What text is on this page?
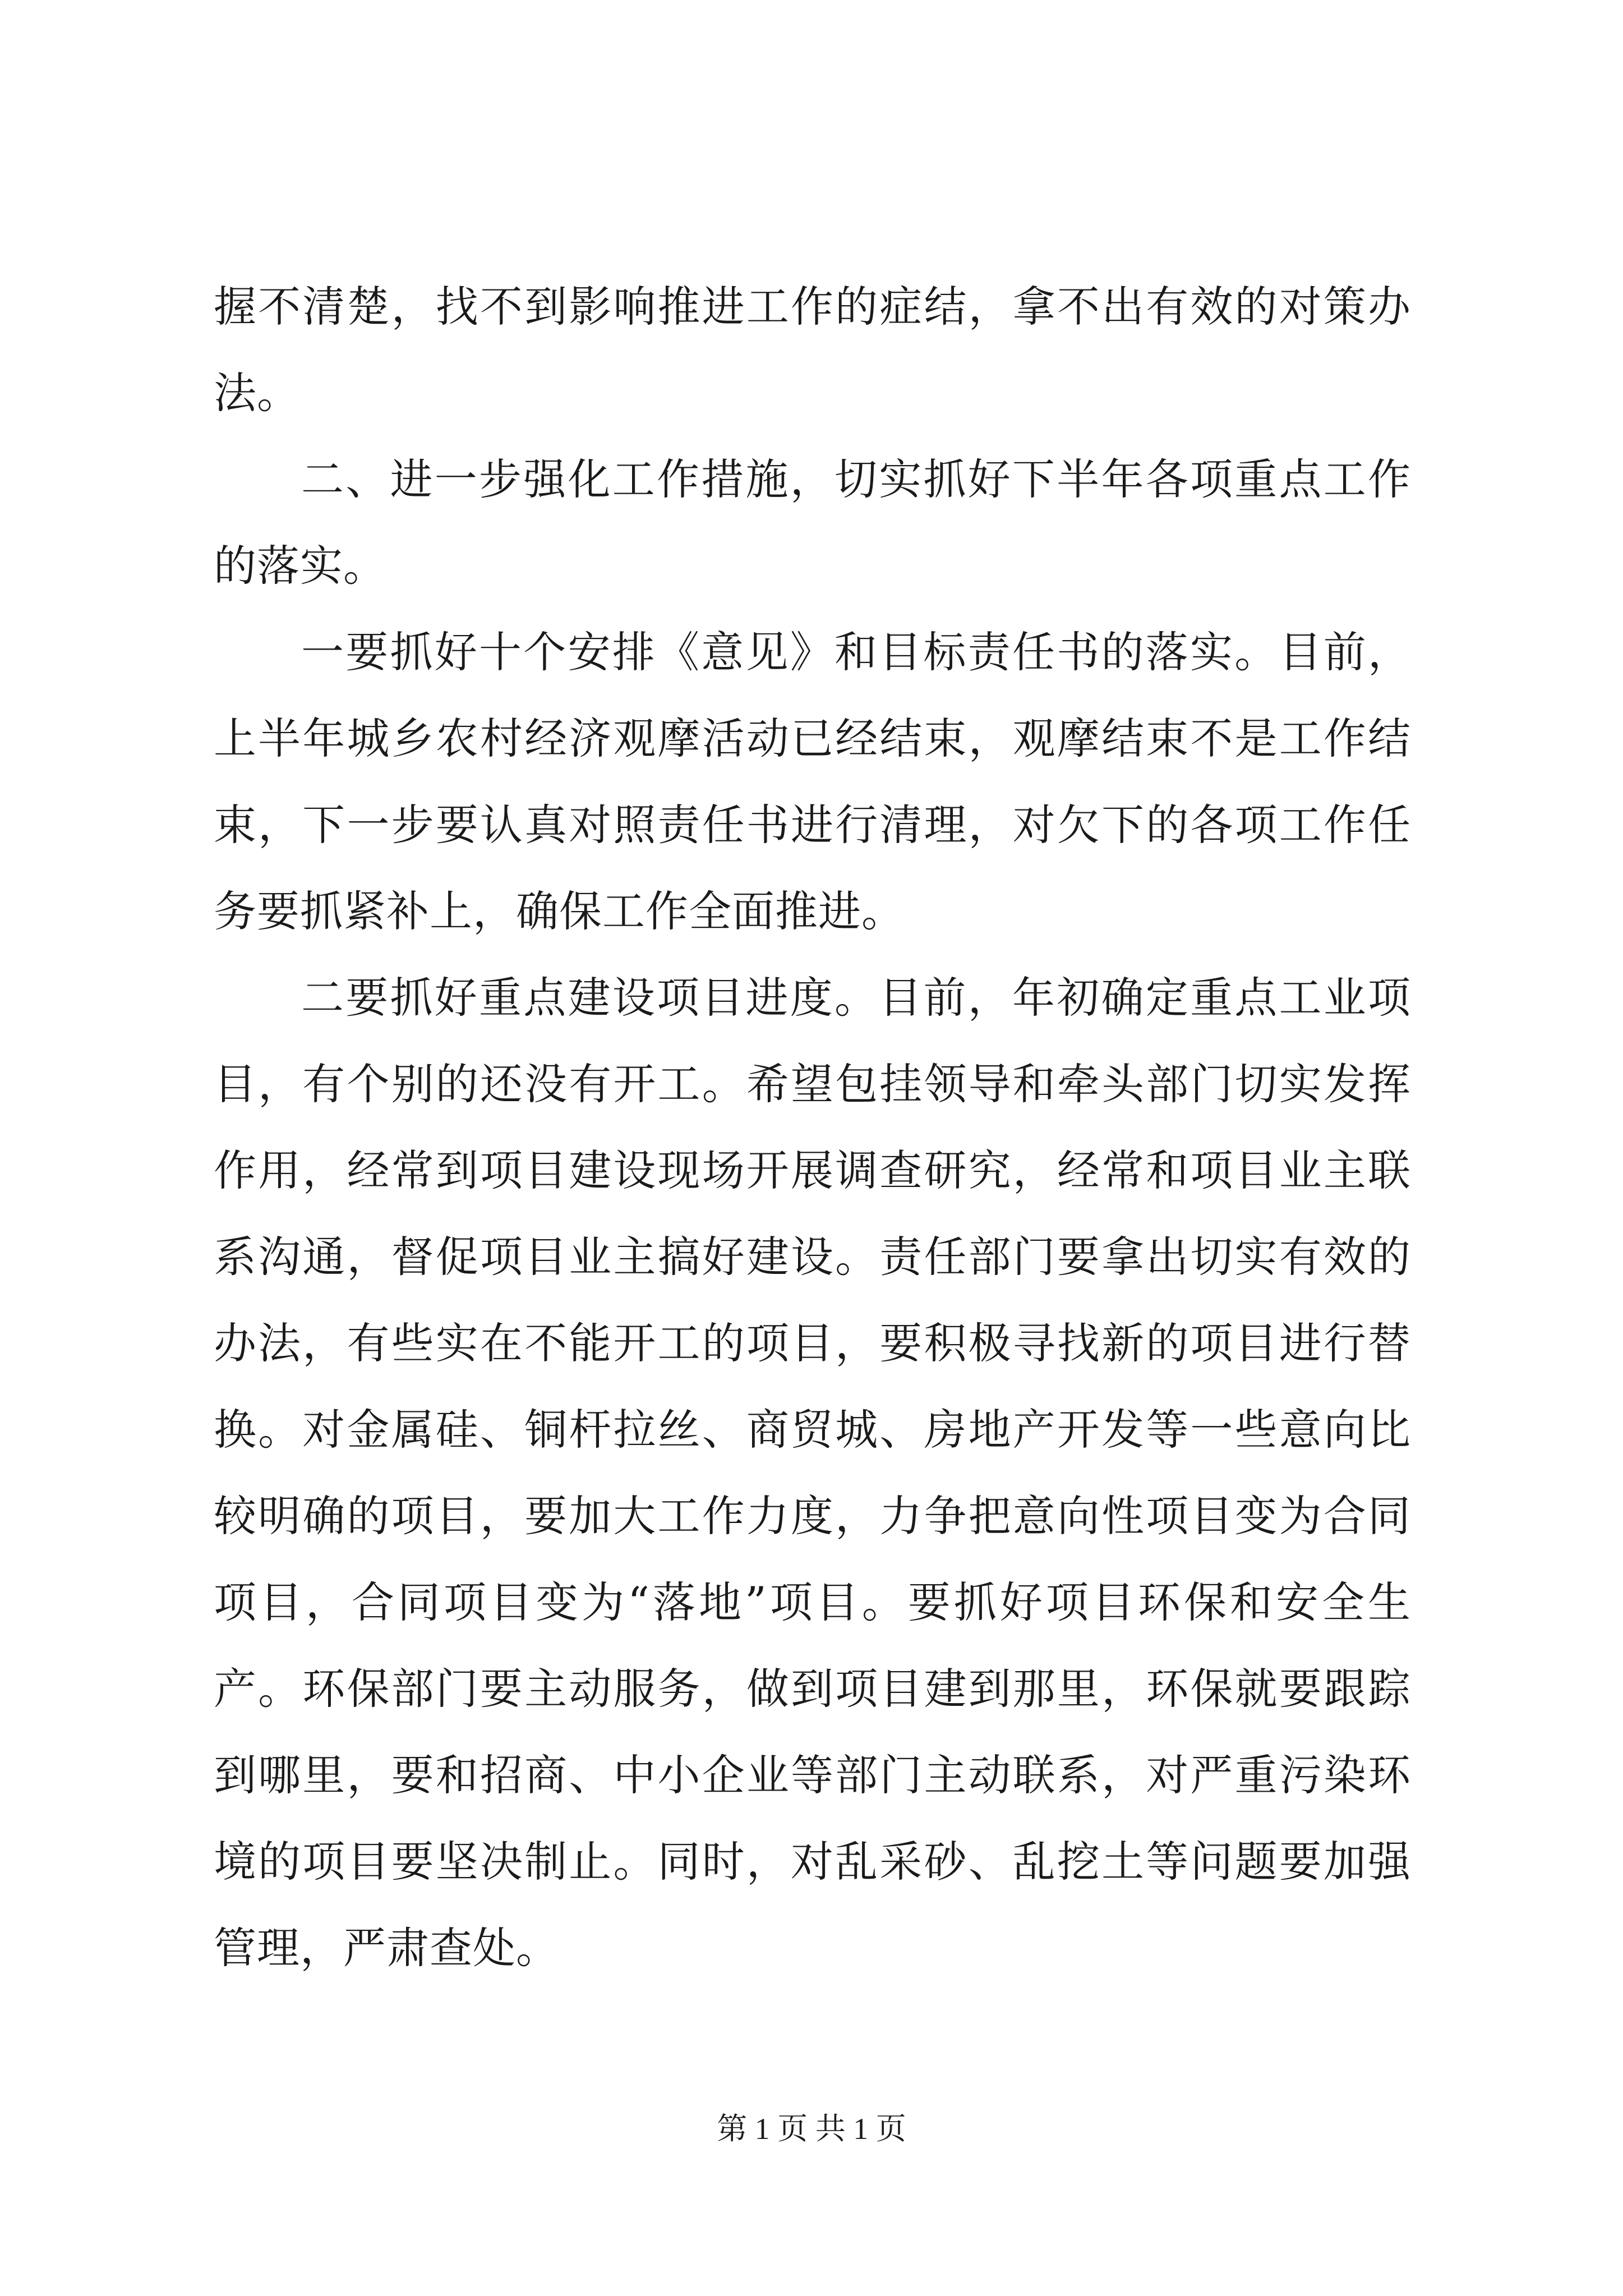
握不清楚，找不到影响推进工作的症结，拿不出有效的对策办法。

二、进一步强化工作措施，切实抓好下半年各项重点工作的落实。

一要抓好十个安排《意见》和目标责任书的落实。目前，上半年城乡农村经济观摩活动已经结束，观摩结束不是工作结束，下一步要认真对照责任书进行清理，对欠下的各项工作任务要抓紧补上，确保工作全面推进。

二要抓好重点建设项目进度。目前，年初确定重点工业项目，有个别的还没有开工。希望包挂领导和牵头部门切实发挥作用，经常到项目建设现场开展调查研究，经常和项目业主联系沟通，督促项目业主搞好建设。责任部门要拿出切实有效的办法，有些实在不能开工的项目，要积极寻找新的项目进行替换。对金属硅、铜杆拉丝、商贸城、房地产开发等一些意向比较明确的项目，要加大工作力度，力争把意向性项目变为合同项目，合同项目变为“落地”项目。要抓好项目环保和安全生产。环保部门要主动服务，做到项目建到那里，环保就要跟踪到哪里，要和招商、中小企业等部门主动联系，对严重污染环境的项目要坚决制止。同时，对乱采砂、乱挖土等问题要加强管理，严肃查处。

第 1 页 共 1 页
